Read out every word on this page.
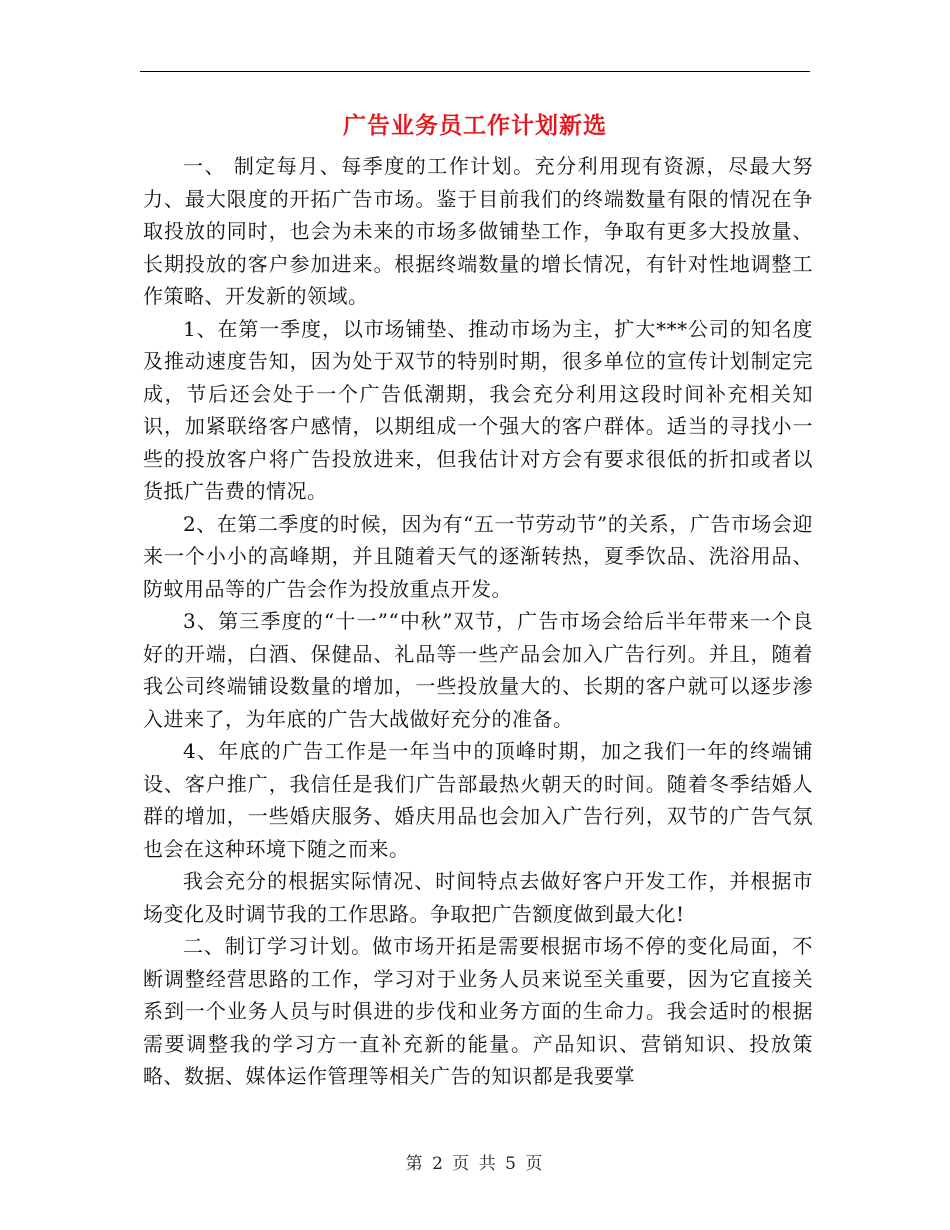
广告业务员工作计划新选

一、 制定每月、每季度的工作计划。充分利用现有资源，尽最大努力、最大限度的开拓广告市场。鉴于目前我们的终端数量有限的情况在争取投放的同时，也会为未来的市场多做铺垫工作，争取有更多大投放量、长期投放的客户参加进来。根据终端数量的增长情况，有针对性地调整工作策略、开发新的领域。

1、在第一季度，以市场铺垫、推动市场为主，扩大***公司的知名度及推动速度告知，因为处于双节的特别时期，很多单位的宣传计划制定完成，节后还会处于一个广告低潮期，我会充分利用这段时间补充相关知识，加紧联络客户感情，以期组成一个强大的客户群体。适当的寻找小一些的投放客户将广告投放进来，但我估计对方会有要求很低的折扣或者以货抵广告费的情况。

2、在第二季度的时候，因为有“五一节劳动节”的关系，广告市场会迎来一个小小的高峰期，并且随着天气的逐渐转热，夏季饮品、洗浴用品、防蚊用品等的广告会作为投放重点开发。

3、第三季度的“十一”“中秋”双节，广告市场会给后半年带来一个良好的开端，白酒、保健品、礼品等一些产品会加入广告行列。并且，随着我公司终端铺设数量的增加，一些投放量大的、长期的客户就可以逐步渗入进来了，为年底的广告大战做好充分的准备。

4、年底的广告工作是一年当中的顶峰时期，加之我们一年的终端铺设、客户推广，我信任是我们广告部最热火朝天的时间。随着冬季结婚人群的增加，一些婚庆服务、婚庆用品也会加入广告行列，双节的广告气氛也会在这种环境下随之而来。

我会充分的根据实际情况、时间特点去做好客户开发工作，并根据市场变化及时调节我的工作思路。争取把广告额度做到最大化!

二、制订学习计划。做市场开拓是需要根据市场不停的变化局面，不断调整经营思路的工作，学习对于业务人员来说至关重要，因为它直接关系到一个业务人员与时俱进的步伐和业务方面的生命力。我会适时的根据需要调整我的学习方一直补充新的能量。产品知识、营销知识、投放策略、数据、媒体运作管理等相关广告的知识都是我要掌

第 2 页 共 5 页
